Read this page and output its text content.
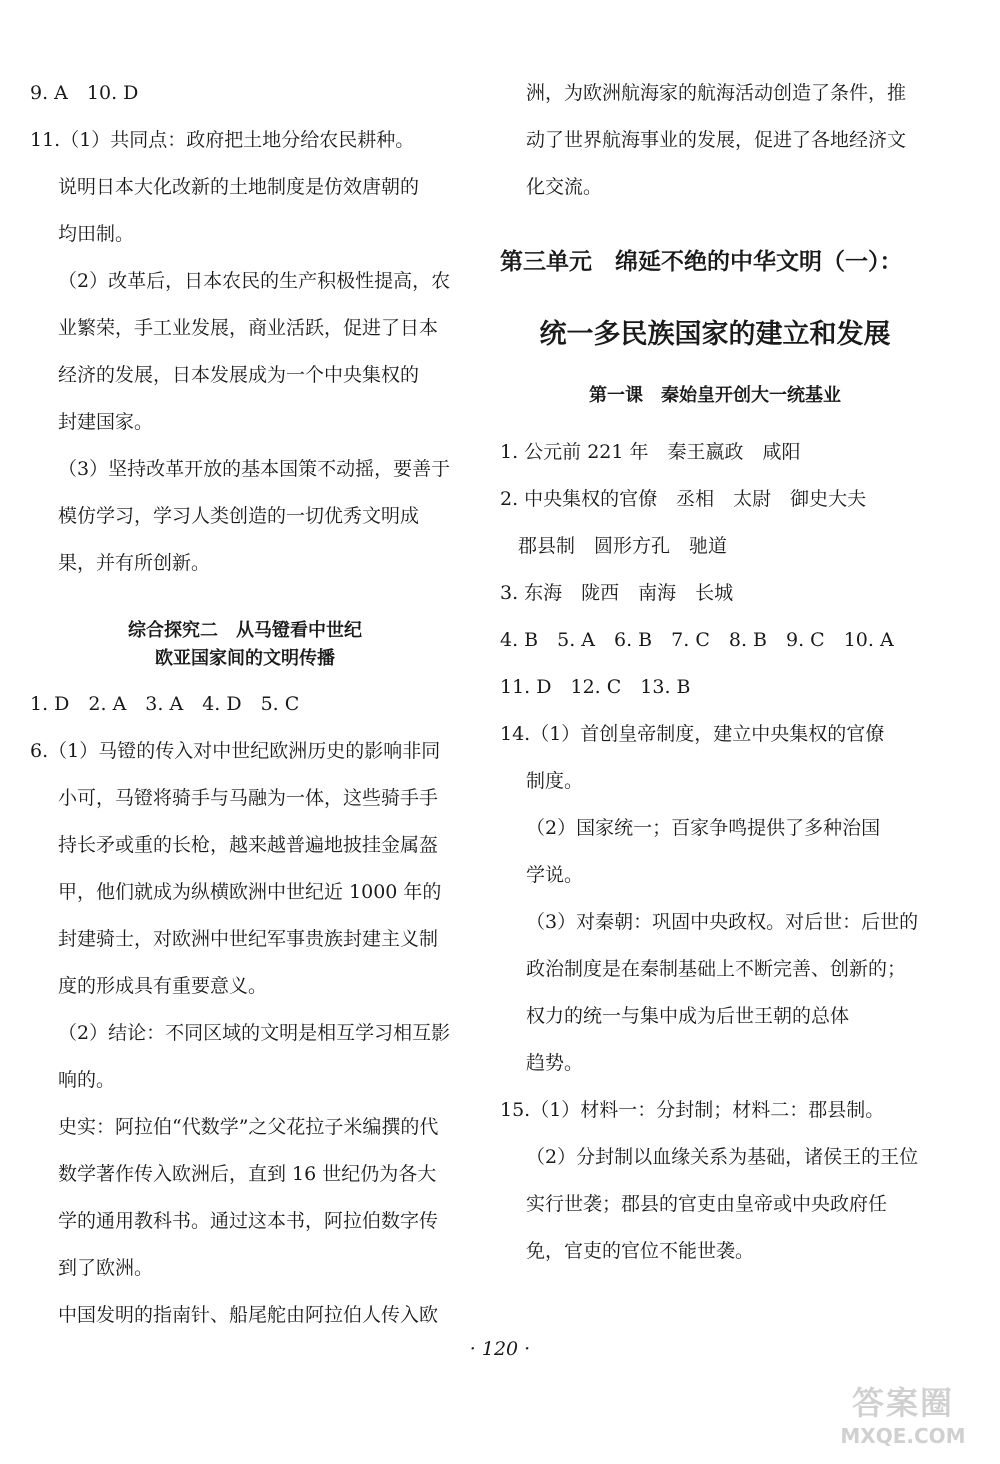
9. A　10. D
11.（1）共同点：政府把土地分给农民耕种。
说明日本大化改新的土地制度是仿效唐朝的
均田制。
（2）改革后，日本农民的生产积极性提高，农
业繁荣，手工业发展，商业活跃，促进了日本
经济的发展，日本发展成为一个中央集权的
封建国家。
（3）坚持改革开放的基本国策不动摇，要善于
模仿学习，学习人类创造的一切优秀文明成
果，并有所创新。
综合探究二　从马镫看中世纪
欧亚国家间的文明传播
1. D　2. A　3. A　4. D　5. C
6.（1）马镫的传入对中世纪欧洲历史的影响非同
小可，马镫将骑手与马融为一体，这些骑手手
持长矛或重的长枪，越来越普遍地披挂金属盔
甲，他们就成为纵横欧洲中世纪近 1000 年的
封建骑士，对欧洲中世纪军事贵族封建主义制
度的形成具有重要意义。
（2）结论：不同区域的文明是相互学习相互影
响的。
史实：阿拉伯“代数学”之父花拉子米编撰的代
数学著作传入欧洲后，直到 16 世纪仍为各大
学的通用教科书。通过这本书，阿拉伯数字传
到了欧洲。
中国发明的指南针、船尾舵由阿拉伯人传入欧
洲，为欧洲航海家的航海活动创造了条件，推
动了世界航海事业的发展，促进了各地经济文
化交流。
第三单元　绵延不绝的中华文明（一）：
统一多民族国家的建立和发展
第一课　秦始皇开创大一统基业
1. 公元前 221 年　秦王嬴政　咸阳
2. 中央集权的官僚　丞相　太尉　御史大夫
郡县制　圆形方孔　驰道
3. 东海　陇西　南海　长城
4. B　5. A　6. B　7. C　8. B　9. C　10. A
11. D　12. C　13. B
14.（1）首创皇帝制度，建立中央集权的官僚
制度。
（2）国家统一；百家争鸣提供了多种治国
学说。
（3）对秦朝：巩固中央政权。对后世：后世的
政治制度是在秦制基础上不断完善、创新的；
权力的统一与集中成为后世王朝的总体
趋势。
15.（1）材料一：分封制；材料二：郡县制。
（2）分封制以血缘关系为基础，诸侯王的王位
实行世袭；郡县的官吏由皇帝或中央政府任
免，官吏的官位不能世袭。
· 120 ·
答案圈
MXQE.COM
